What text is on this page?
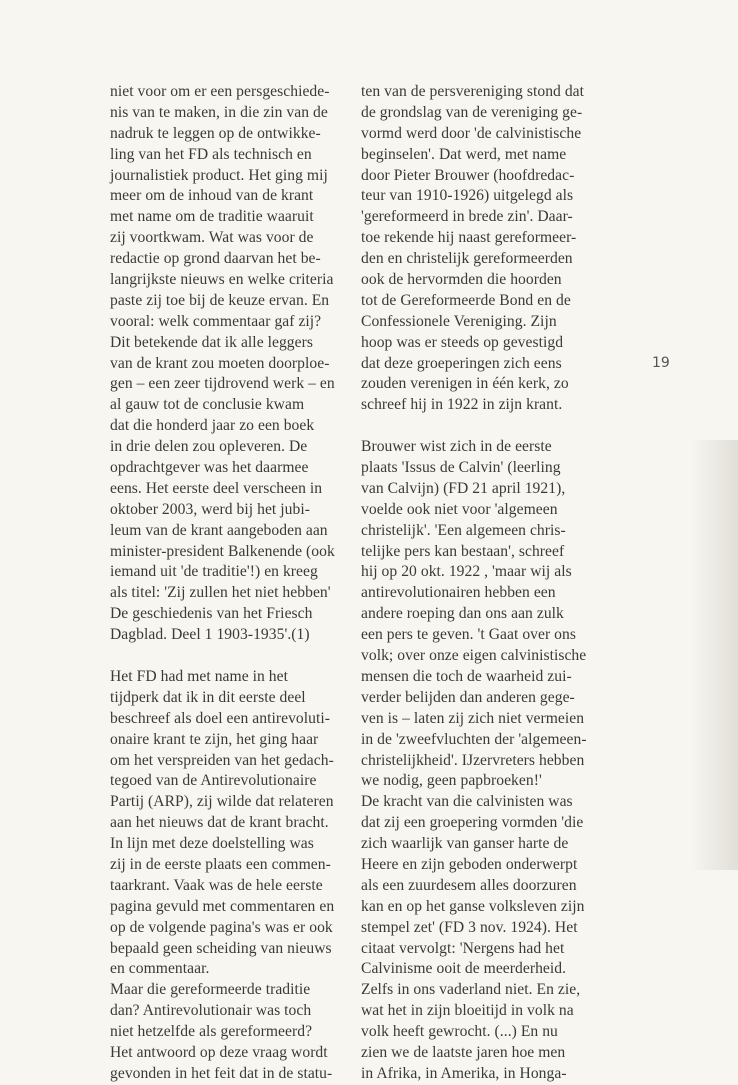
niet voor om er een persgeschiede-
nis van te maken, in die zin van de
nadruk te leggen op de ontwikke-
ling van het FD als technisch en
journalistiek product. Het ging mij
meer om de inhoud van de krant
met name om de traditie waaruit
zij voortkwam. Wat was voor de
redactie op grond daarvan het be-
langrijkste nieuws en welke criteria
paste zij toe bij de keuze ervan. En
vooral: welk commentaar gaf zij?
Dit betekende dat ik alle leggers
van de krant zou moeten doorploe-
gen – een zeer tijdrovend werk – en
al gauw tot de conclusie kwam
dat die honderd jaar zo een boek
in drie delen zou opleveren. De
opdrachtgever was het daarmee
eens. Het eerste deel verscheen in
oktober 2003, werd bij het jubi-
leum van de krant aangeboden aan
minister-president Balkenende (ook
iemand uit 'de traditie'!) en kreeg
als titel: 'Zij zullen het niet hebben'
De geschiedenis van het Friesch
Dagblad. Deel 1 1903-1935'.(1)
Het FD had met name in het
tijdperk dat ik in dit eerste deel
beschreef als doel een antirevoluti-
onaire krant te zijn, het ging haar
om het verspreiden van het gedach-
tegoed van de Antirevolutionaire
Partij (ARP), zij wilde dat relateren
aan het nieuws dat de krant bracht.
In lijn met deze doelstelling was
zij in de eerste plaats een commen-
taarkrant. Vaak was de hele eerste
pagina gevuld met commentaren en
op de volgende pagina's was er ook
bepaald geen scheiding van nieuws
en commentaar.
Maar die gereformeerde traditie
dan? Antirevolutionair was toch
niet hetzelfde als gereformeerd?
Het antwoord op deze vraag wordt
gevonden in het feit dat in de statu-
ten van de persvereniging stond dat
de grondslag van de vereniging ge-
vormd werd door 'de calvinistische
beginselen'. Dat werd, met name
door Pieter Brouwer (hoofdredac-
teur van 1910-1926) uitgelegd als
'gereformeerd in brede zin'. Daar-
toe rekende hij naast gereformeer-
den en christelijk gereformeerden
ook de hervormden die hoorden
tot de Gereformeerde Bond en de
Confessionele Vereniging. Zijn
hoop was er steeds op gevestigd
dat deze groeperingen zich eens
zouden verenigen in één kerk, zo
schreef hij in 1922 in zijn krant.
Brouwer wist zich in de eerste
plaats 'Issus de Calvin' (leerling
van Calvijn) (FD 21 april 1921),
voelde ook niet voor 'algemeen
christelijk'. 'Een algemeen chris-
telijke pers kan bestaan', schreef
hij op 20 okt. 1922 , 'maar wij als
antirevolutionairen hebben een
andere roeping dan ons aan zulk
een pers te geven. 't Gaat over ons
volk; over onze eigen calvinistische
mensen die toch de waarheid zui-
verder belijden dan anderen gege-
ven is – laten zij zich niet vermeien
in de 'zweefvluchten der 'algemeen-
christelijkheid'. IJzervreters hebben
we nodig, geen papbroeken!'
De kracht van die calvinisten was
dat zij een groepering vormden 'die
zich waarlijk van ganser harte de
Heere en zijn geboden onderwerpt
als een zuurdesem alles doorzuren
kan en op het ganse volksleven zijn
stempel zet' (FD 3 nov. 1924). Het
citaat vervolgt: 'Nergens had het
Calvinisme ooit de meerderheid.
Zelfs in ons vaderland niet. En zie,
wat het in zijn bloeitijd in volk na
volk heeft gewrocht. (...) En nu
zien we de laatste jaren hoe men
in Afrika, in Amerika, in Honga-
19
